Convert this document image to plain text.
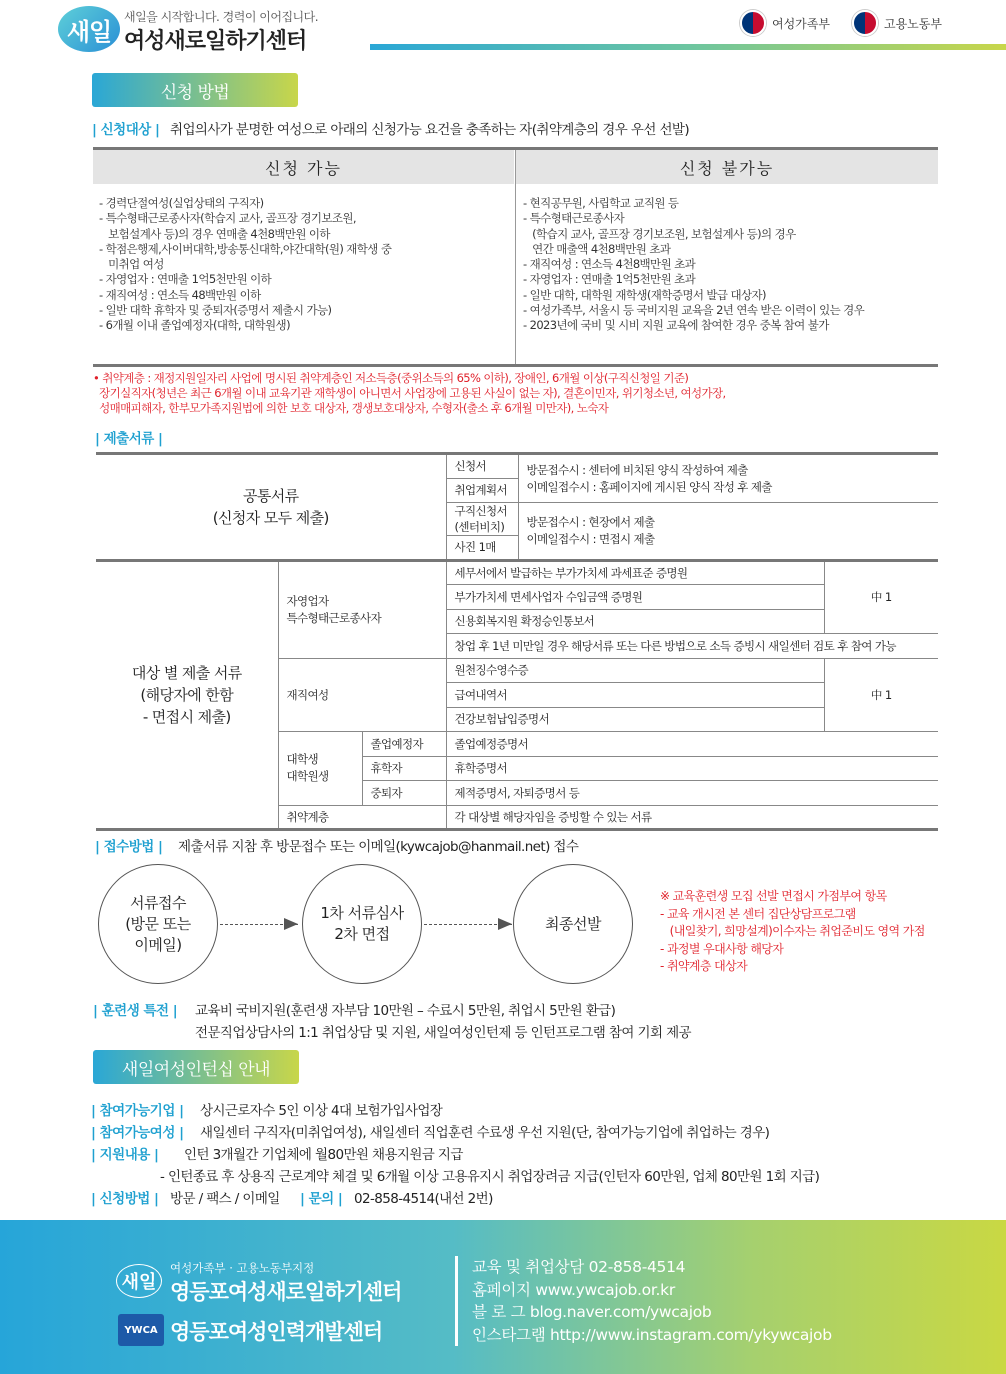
새일
새일을 시작합니다. 경력이 이어집니다.
여성새로일하기센터
여성가족부	고용노동부
신청 방법
| 신청대상 | 취업의사가 분명한 여성으로 아래의 신청가능 요건을 충족하는 자(취약계층의 경우 우선 선발)
신청 가능	신청 불가능
- 경력단절여성(실업상태의 구직자)
- 특수형태근로종사자(학습지 교사, 골프장 경기보조원,
보험설계사 등)의 경우 연매출 4천8백만원 이하
- 학점은행제,사이버대학,방송통신대학,야간대학(원) 재학생 중
미취업 여성
- 자영업자 : 연매출 1억5천만원 이하
- 재직여성 : 연소득 48백만원 이하
- 일반 대학 휴학자 및 중퇴자(증명서 제출시 가능)
- 6개월 이내 졸업예정자(대학, 대학원생)
- 현직공무원, 사립학교 교직원 등
- 특수형태근로종사자
(학습지 교사, 골프장 경기보조원, 보험설계사 등)의 경우
연간 매출액 4천8백만원 초과
- 재직여성 : 연소득 4천8백만원 초과
- 자영업자 : 연매출 1억5천만원 초과
- 일반 대학, 대학원 재학생(재학증명서 발급 대상자)
- 여성가족부, 서울시 등 국비지원 교육을 2년 연속 받은 이력이 있는 경우
- 2023년에 국비 및 시비 지원 교육에 참여한 경우 중복 참여 불가
• 취약계층 : 재정지원일자리 사업에 명시된 취약계층인 저소득층(중위소득의 65% 이하), 장애인, 6개월 이상(구직신청일 기준)
장기실직자(청년은 최근 6개월 이내 교육기관 재학생이 아니면서 사업장에 고용된 사실이 없는 자), 결혼이민자, 위기청소년, 여성가장,
성매매피해자, 한부모가족지원법에 의한 보호 대상자, 갱생보호대상자, 수형자(출소 후 6개월 미만자), 노숙자
| 제출서류 |
공통서류
(신청자 모두 제출)			신청서	방문접수시 : 센터에 비치된 양식 작성하여 제출
이메일접수시 : 홈페이지에 게시된 양식 작성 후 제출	
			취업계획서		
			구직신청서(센터비치)	방문접수시 : 현장에서 제출
이메일접수시 : 면접시 제출	
			사진 1매		
대상 별 제출 서류
(해당자에 한함
- 면접시 제출)	자영업자
특수형태근로종사자		세무서에서 발급하는 부가가치세 과세표준 증명원		中 1
			부가가치세 면세사업자 수입금액 증명원		
			신용회복지원 확정승인통보서		
			창업 후 1년 미만일 경우 해당서류 또는 다른 방법으로 소득 증빙시 새일센터 검토 후 참여 가능		
	재직여성		원천징수영수증		中 1
			급여내역서		
			건강보험납입증명서		
	대학생
대학원생	졸업예정자	졸업예정증명서		
		휴학자	휴학증명서		
		중퇴자	제적증명서, 자퇴증명서 등		
	취약계층		각 대상별 해당자임을 증빙할 수 있는 서류		
| 접수방법 | 제출서류 지참 후 방문접수 또는 이메일(kywcajob@hanmail.net) 접수
서류접수
(방문 또는
이메일)
1차 서류심사
2차 면접
최종선발
※ 교육훈련생 모집 선발 면접시 가점부여 항목
- 교육 개시전 본 센터 집단상담프로그램
(내일찾기, 희망설계)이수자는 취업준비도 영역 가점
- 과정별 우대사항 해당자
- 취약계층 대상자
| 훈련생 특전 | 교육비 국비지원(훈련생 자부담 10만원 – 수료시 5만원, 취업시 5만원 환급)
전문직업상담사의 1:1 취업상담 및 지원, 새일여성인턴제 등 인턴프로그램 참여 기회 제공
새일여성인턴십 안내
| 참여가능기업 | 상시근로자수 5인 이상 4대 보험가입사업장
| 참여가능여성 | 새일센터 구직자(미취업여성), 새일센터 직업훈련 수료생 우선 지원(단, 참여가능기업에 취업하는 경우)
| 지원내용 | 인턴 3개월간 기업체에 월80만원 채용지원금 지급
- 인턴종료 후 상용직 근로계약 체결 및 6개월 이상 고용유지시 취업장려금 지급(인턴자 60만원, 업체 80만원 1회 지급)
| 신청방법 | 방문 / 팩스 / 이메일 | 문의 | 02-858-4514(내선 2번)
새일
여성가족부 · 고용노동부지정
영등포여성새로일하기센터
YWCA 영등포여성인력개발센터
교육 및 취업상담 02-858-4514
홈페이지 www.ywcajob.or.kr
블 로 그 blog.naver.com/ywcajob
인스타그램 http://www.instagram.com/ykywcajob
